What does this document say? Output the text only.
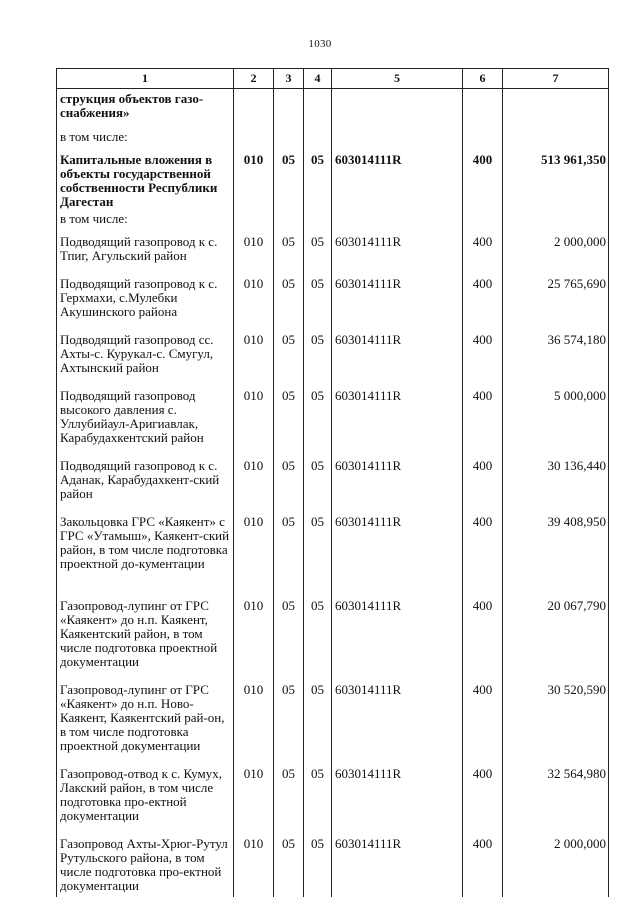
1030
1	2	3	4	5	6	7
струкция объектов газо-снабжения»						
в том числе:						
Капитальные вложения в объекты государственной собственности Республики Дагестан	010	05	05	603014111R	400	513 961,350
в том числе:						
Подводящий газопровод к с. Тпиг, Агульский район	010	05	05	603014111R	400	2 000,000
Подводящий газопровод к с. Герхмахи, с.Мулебки Акушинского района	010	05	05	603014111R	400	25 765,690
Подводящий газопровод сс. Ахты-с. Курукал-с. Смугул, Ахтынский район	010	05	05	603014111R	400	36 574,180
Подводящий газопровод высокого давления с. Уллубийаул-Аригиавлак, Карабудахкентский район	010	05	05	603014111R	400	5 000,000
Подводящий газопровод к с. Аданак, Карабудахкент-ский район	010	05	05	603014111R	400	30 136,440
Закольцовка ГРС «Каякент» с ГРС «Утамыш», Каякент-ский район, в том числе подготовка проектной до-кументации	010	05	05	603014111R	400	39 408,950
Газопровод-лупинг от ГРС «Каякент» до н.п. Каякент, Каякентский район, в том числе подготовка проектной документации	010	05	05	603014111R	400	20 067,790
Газопровод-лупинг от ГРС «Каякент» до н.п. Ново-Каякент, Каякентский рай-он, в том числе подготовка проектной документации	010	05	05	603014111R	400	30 520,590
Газопровод-отвод к с. Кумух, Лакский район, в том числе подготовка про-ектной документации	010	05	05	603014111R	400	32 564,980
Газопровод Ахты-Хрюг-Рутул Рутульского района, в том числе подготовка про-ектной документации	010	05	05	603014111R	400	2 000,000
